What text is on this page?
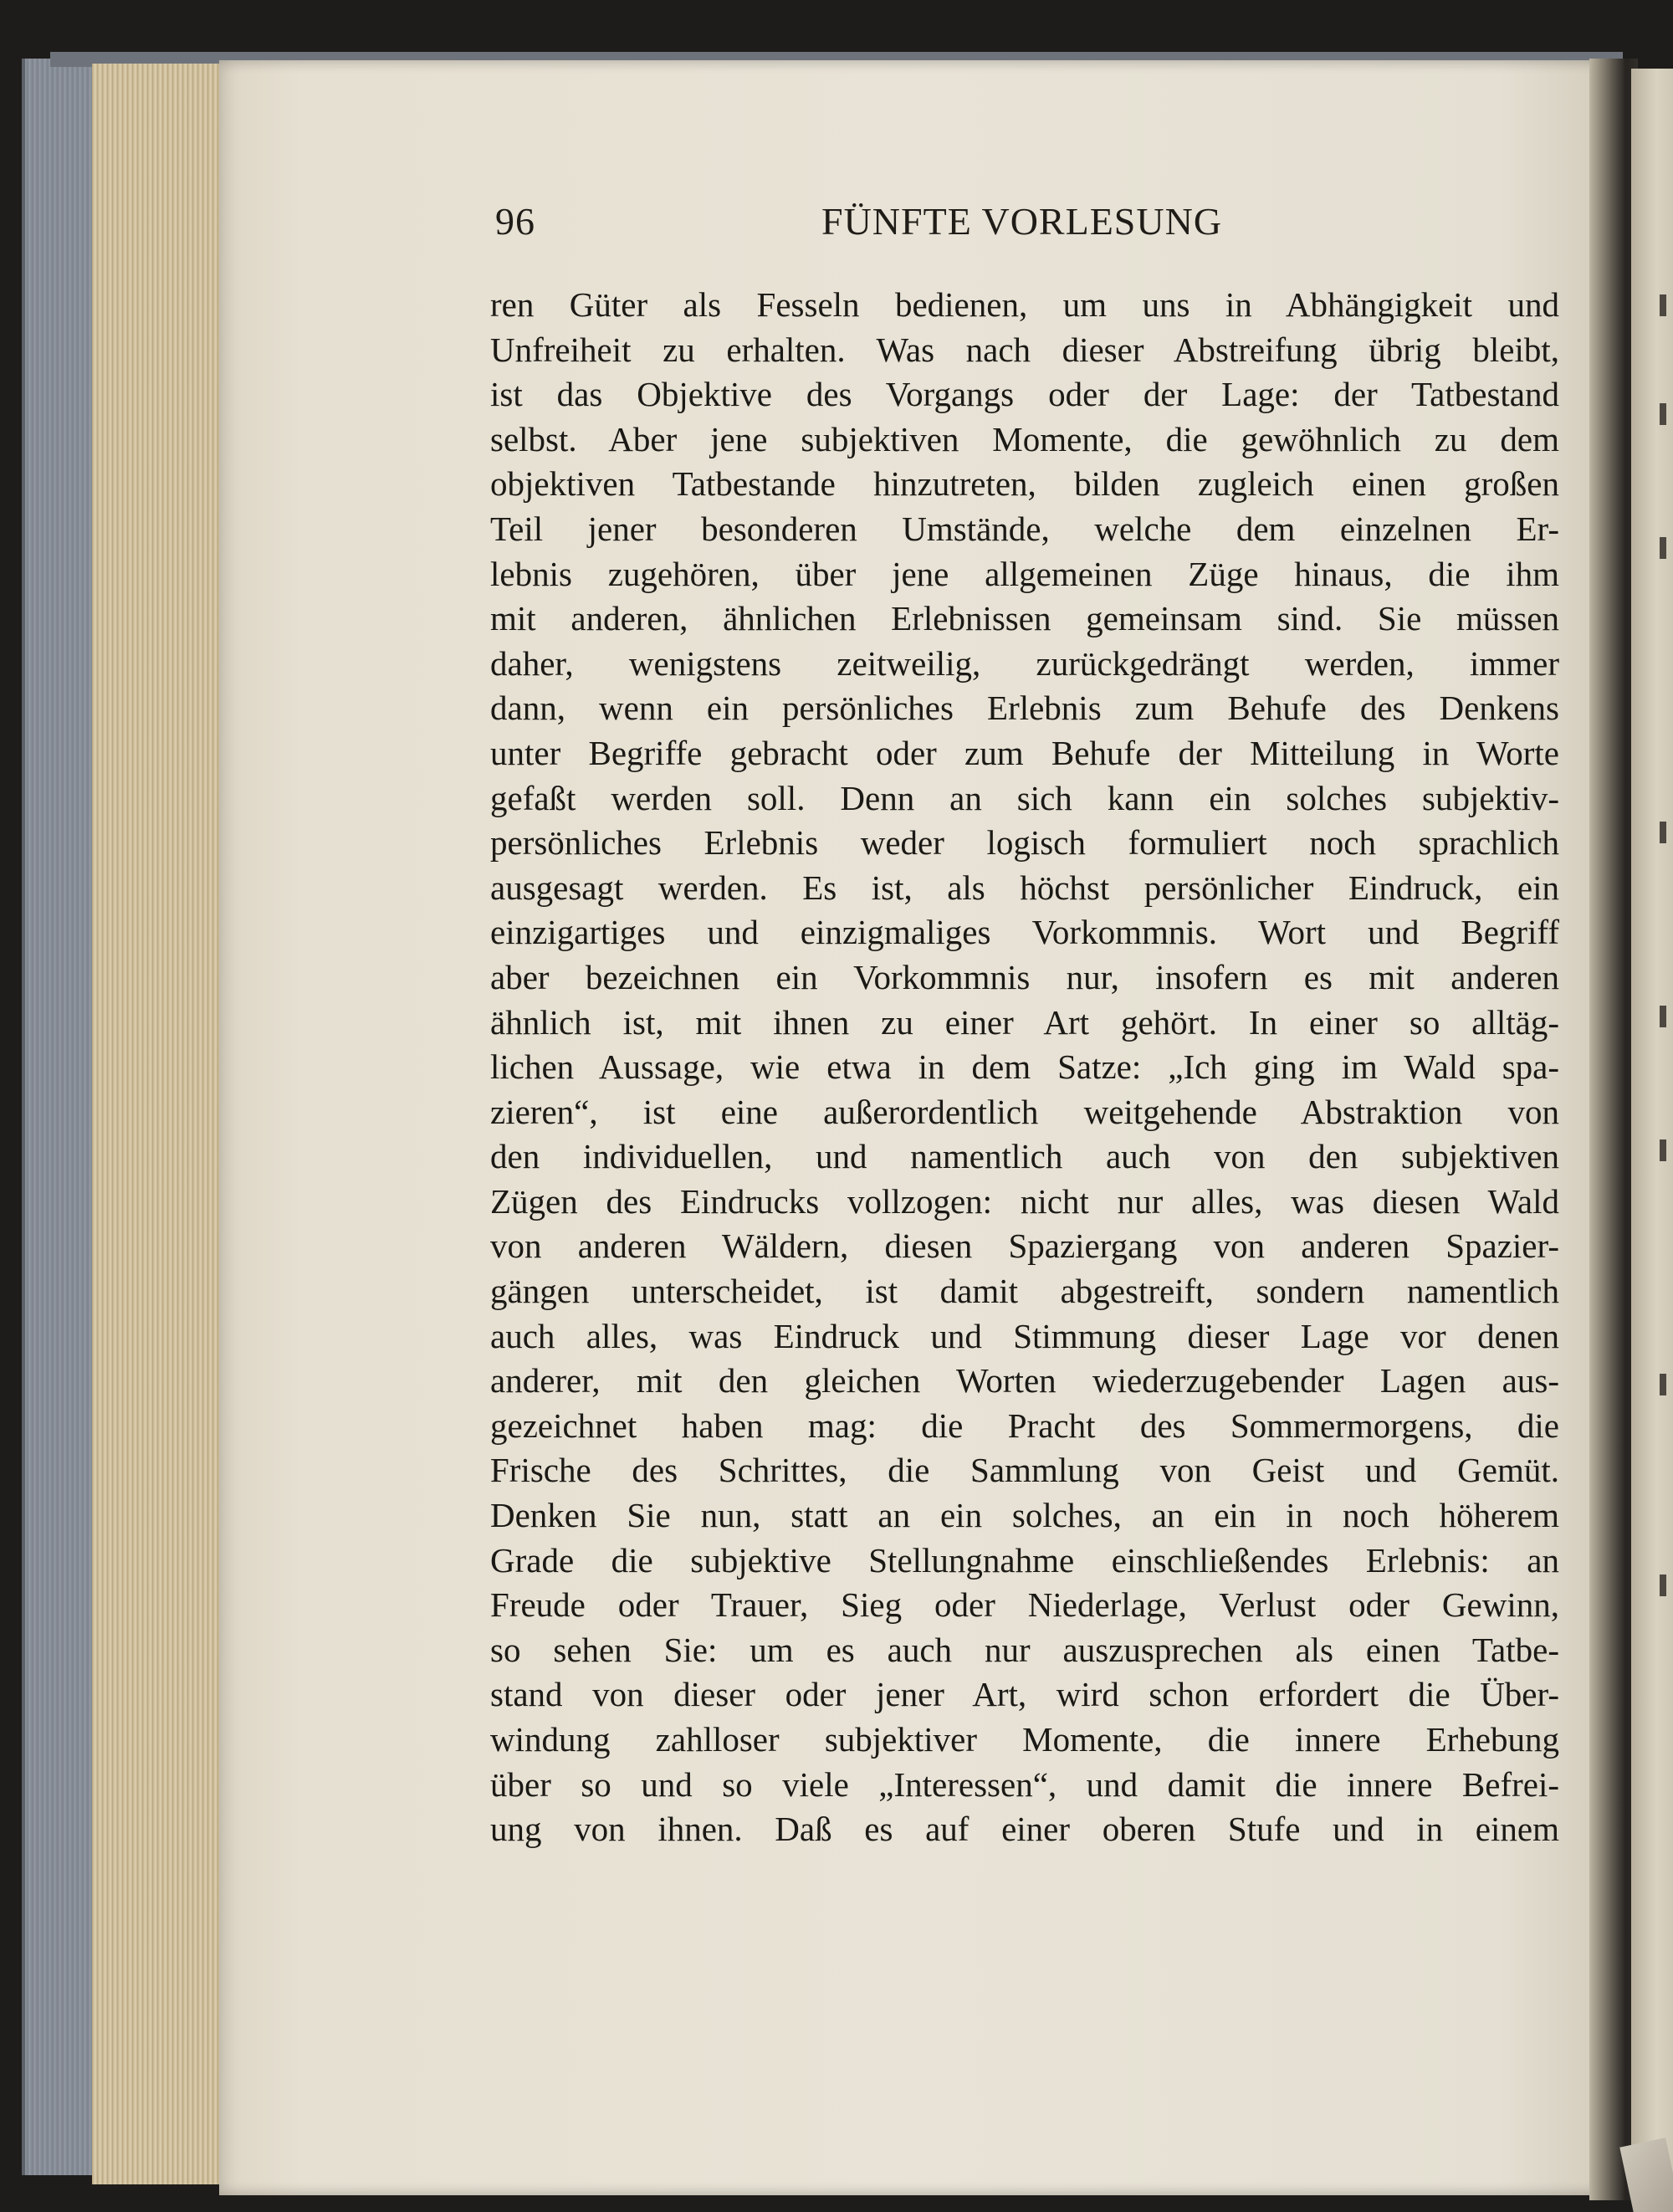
96	FÜNFTE VORLESUNG
ren Güter als Fesseln bedienen, um uns in Abhängigkeit und
Unfreiheit zu erhalten. Was nach dieser Abstreifung übrig bleibt,
ist das Objektive des Vorgangs oder der Lage: der Tatbestand
selbst. Aber jene subjektiven Momente, die gewöhnlich zu dem
objektiven Tatbestande hinzutreten, bilden zugleich einen großen
Teil jener besonderen Umstände, welche dem einzelnen Er-
lebnis zugehören, über jene allgemeinen Züge hinaus, die ihm
mit anderen, ähnlichen Erlebnissen gemeinsam sind. Sie müssen
daher, wenigstens zeitweilig, zurückgedrängt werden, immer
dann, wenn ein persönliches Erlebnis zum Behufe des Denkens
unter Begriffe gebracht oder zum Behufe der Mitteilung in Worte
gefaßt werden soll. Denn an sich kann ein solches subjektiv-
persönliches Erlebnis weder logisch formuliert noch sprachlich
ausgesagt werden. Es ist, als höchst persönlicher Eindruck, ein
einzigartiges und einzigmaliges Vorkommnis. Wort und Begriff
aber bezeichnen ein Vorkommnis nur, insofern es mit anderen
ähnlich ist, mit ihnen zu einer Art gehört. In einer so alltäg-
lichen Aussage, wie etwa in dem Satze: „Ich ging im Wald spa-
zieren“, ist eine außerordentlich weitgehende Abstraktion von
den individuellen, und namentlich auch von den subjektiven
Zügen des Eindrucks vollzogen: nicht nur alles, was diesen Wald
von anderen Wäldern, diesen Spaziergang von anderen Spazier-
gängen unterscheidet, ist damit abgestreift, sondern namentlich
auch alles, was Eindruck und Stimmung dieser Lage vor denen
anderer, mit den gleichen Worten wiederzugebender Lagen aus-
gezeichnet haben mag: die Pracht des Sommermorgens, die
Frische des Schrittes, die Sammlung von Geist und Gemüt.
Denken Sie nun, statt an ein solches, an ein in noch höherem
Grade die subjektive Stellungnahme einschließendes Erlebnis: an
Freude oder Trauer, Sieg oder Niederlage, Verlust oder Gewinn,
so sehen Sie: um es auch nur auszusprechen als einen Tatbe-
stand von dieser oder jener Art, wird schon erfordert die Über-
windung zahlloser subjektiver Momente, die innere Erhebung
über so und so viele „Interessen“, und damit die innere Befrei-
ung von ihnen. Daß es auf einer oberen Stufe und in einem
